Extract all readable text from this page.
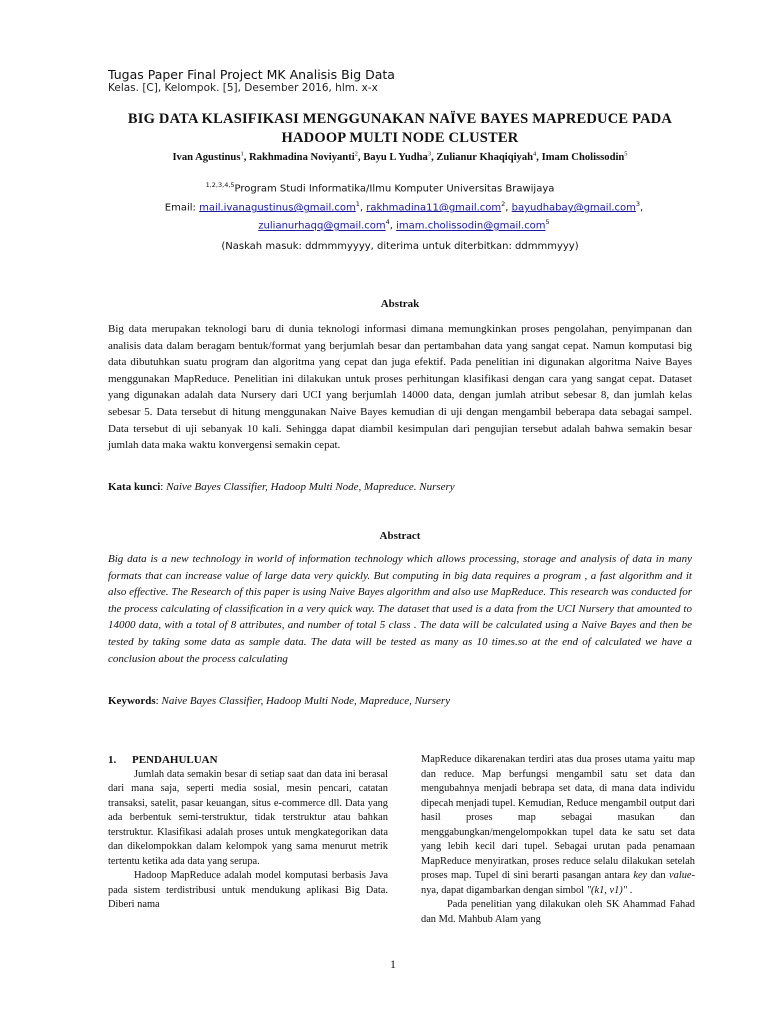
Tugas Paper Final Project MK Analisis Big Data
Kelas. [C], Kelompok. [5], Desember 2016, hlm. x-x
BIG DATA KLASIFIKASI MENGGUNAKAN NAÏVE BAYES MAPREDUCE PADA
HADOOP MULTI NODE CLUSTER
Ivan Agustinus$^1$, Rakhmadina Noviyanti$^2$, Bayu L Yudha$^3$, Zulianur Khaqiqiyah$^4$, Imam Cholissodin$^5$
$^{1,2,3,4,5}$Program Studi Informatika/Ilmu Komputer Universitas Brawijaya
Email: mail.ivanagustinus@gmail.com$^1$, rakhmadina11@gmail.com$^2$, bayudhabay@gmail.com$^3$,
zulianurhaqq@gmail.com$^4$, imam.cholissodin@gmail.com$^5$
(Naskah masuk: ddmmmyyyy, diterima untuk diterbitkan: ddmmmyyy)
Abstrak
Big data merupakan teknologi baru di dunia teknologi informasi dimana memungkinkan proses pengolahan, penyimpanan dan analisis data dalam beragam bentuk/format yang berjumlah besar dan pertambahan data yang sangat cepat. Namun komputasi big data dibutuhkan suatu program dan algoritma yang cepat dan juga efektif. Pada penelitian ini digunakan algoritma Naive Bayes menggunakan MapReduce. Penelitian ini dilakukan untuk proses perhitungan klasifikasi dengan cara yang sangat cepat. Dataset yang digunakan adalah data Nursery dari UCI yang berjumlah 14000 data, dengan jumlah atribut sebesar 8, dan jumlah kelas sebesar 5. Data tersebut di hitung menggunakan Naive Bayes kemudian di uji dengan mengambil beberapa data sebagai sampel. Data tersebut di uji sebanyak 10 kali. Sehingga dapat diambil kesimpulan dari pengujian tersebut adalah bahwa semakin besar jumlah data maka waktu konvergensi semakin cepat.
Kata kunci: Naive Bayes Classifier, Hadoop Multi Node, Mapreduce. Nursery
Abstract
Big data is a new technology in world of information technology which allows processing, storage and analysis of data in many formats that can increase value of large data very quickly. But computing in big data requires a program , a fast algorithm and it also effective. The Research of this paper is using Naive Bayes algorithm and also use MapReduce. This research was conducted for the process calculating of classification in a very quick way. The dataset that used is a data from the UCI Nursery that amounted to 14000 data, with a total of 8 attributes, and number of total 5 class . The data will be calculated using a Naive Bayes and then be tested by taking some data as sample data. The data will be tested as many as 10 times.so at the end of calculated we have a conclusion about the process calculating
Keywords: Naive Bayes Classifier, Hadoop Multi Node, Mapreduce, Nursery

1. PENDAHULUAN

Jumlah data semakin besar di setiap saat dan data ini berasal dari mana saja, seperti media sosial, mesin pencari, catatan transaksi, satelit, pasar keuangan, situs e-commerce dll. Data yang ada berbentuk semi-terstruktur, tidak terstruktur atau bahkan terstruktur. Klasifikasi adalah proses untuk mengkategorikan data dan dikelompokkan dalam kelompok yang sama menurut metrik tertentu ketika ada data yang serupa.

Hadoop MapReduce adalah model komputasi berbasis Java pada sistem terdistribusi untuk mendukung aplikasi Big Data. Diberi nama

MapReduce dikarenakan terdiri atas dua proses utama yaitu map dan reduce. Map berfungsi mengambil satu set data dan mengubahnya menjadi bebrapa set data, di mana data individu dipecah menjadi tupel. Kemudian, Reduce mengambil output dari hasil proses map sebagai masukan dan menggabungkan/mengelompokkan tupel data ke satu set data yang lebih kecil dari tupel. Sebagai urutan pada penamaan MapReduce menyiratkan, proses reduce selalu dilakukan setelah proses map. Tupel di sini berarti pasangan antara key dan value-nya, dapat digambarkan dengan simbol "(k1, v1)" .

Pada penelitian yang dilakukan oleh SK Ahammad Fahad dan Md. Mahbub Alam yang

1
